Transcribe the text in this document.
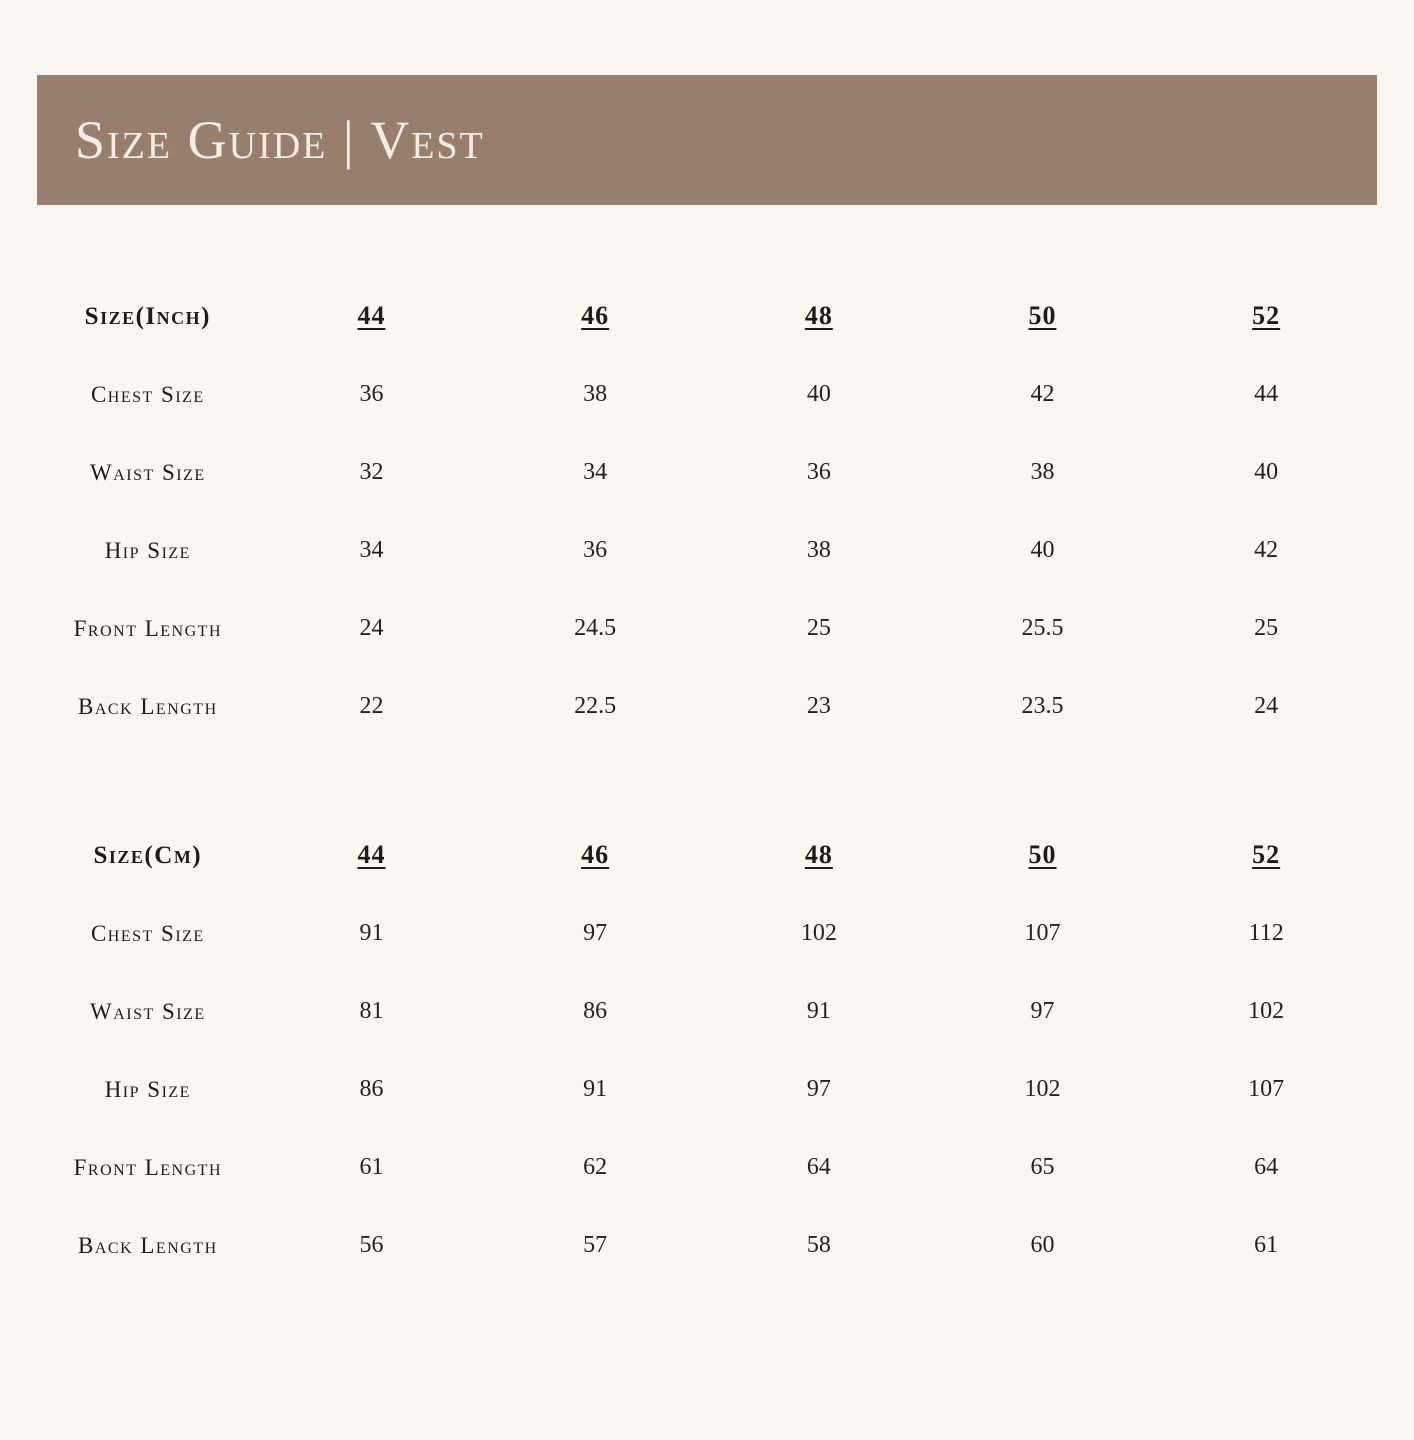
Size Guide | Vest
Size(Inch)	44	46	48	50	52
Chest Size	36	38	40	42	44
Waist Size	32	34	36	38	40
Hip Size	34	36	38	40	42
Front Length	24	24.5	25	25.5	25
Back Length	22	22.5	23	23.5	24
Size(Cm)	44	46	48	50	52
Chest Size	91	97	102	107	112
Waist Size	81	86	91	97	102
Hip Size	86	91	97	102	107
Front Length	61	62	64	65	64
Back Length	56	57	58	60	61
